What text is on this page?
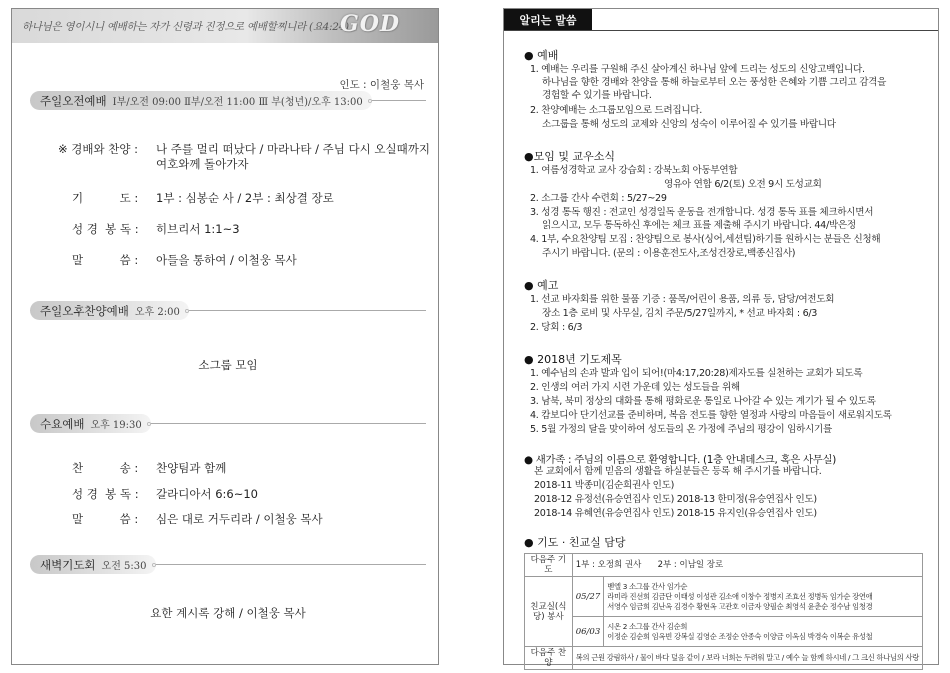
하나님은 영이시니 예배하는 자가 신령과 진정으로 예배할찌니라 (요4:24)
GOD
인도 : 이철웅 목사
주일오전예배 Ⅰ부/오전 09:00 Ⅱ부/오전 11:00 Ⅲ 부(청년)/오후 13:00
※ 경배와 찬양 : 나 주를 멀리 떠났다 / 마라나타 / 주님 다시 오실때까지
여호와께 돌아가자
기          도 : 1부 : 심봉순 사 / 2부 : 최상결 장로
성 경  봉 독 : 히브리서 1:1~3
말          씀 : 아들을 통하여 / 이철웅 목사
주일오후찬양예배 오후 2:00
소그룹 모임
수요예배 오후 19:30
찬          송 : 찬양팀과 함께
성 경  봉 독 : 갈라디아서 6:6~10
말          씀 : 심은 대로 거두리라 / 이철웅 목사
새벽기도회 오전 5:30
요한 계시록 강해 / 이철웅 목사
알리는 말씀
● 예배
1. 예배는 우리를 구원해 주신 살아계신 하나님 앞에 드리는 성도의 신앙고백입니다.
하나님을 향한 경배와 찬양을 통해 하늘로부터 오는 풍성한 은혜와 기쁨 그리고 감격을
경험할 수 있기를 바랍니다.
2. 찬양예배는 소그룹모임으로 드려집니다.
소그룹을 통해 성도의 교제와 신앙의 성숙이 이루어질 수 있기를 바랍니다
●모임 및 교우소식
1. 여름성경학교 교사 강습회 : 강북노회 아동부연합
영유아 연합 6/2(토) 오전 9시 도성교회
2. 소그룹 간사 수련회 : 5/27~29
3. 성경 통독 행진 : 전교인 성경일독 운동을 전개합니다. 성경 통독 표를 체크하시면서
읽으시고, 모두 통독하신 후에는 체크 표를 제출해 주시기 바랍니다. 44/박은정
4. 1부, 수요찬양팀 모집 : 찬양팀으로 봉사(싱어,세션팀)하기를 원하시는 분들은 신청해
주시기 바랍니다. (문의 : 이용훈전도사,조성건장로,백종신집사)
● 예고
1. 선교 바자회를 위한 물품 기증 : 품목/어린이 용품, 의류 등, 담당/여전도회
장소 1층 로비 및 사무실, 김치 주문/5/27일까지, * 선교 바자회 : 6/3
2. 당회 : 6/3
● 2018년 기도제목
1. 예수님의 손과 발과 입이 되어!(마4:17,20:28)제자도를 실천하는 교회가 되도록
2. 인생의 여러 가지 시련 가운데 있는 성도들을 위해
3. 남북, 북미 정상의 대화를 통해 평화로운 통일로 나아갈 수 있는 계기가 될 수 있도록
4. 캄보디아 단기선교를 준비하며, 복음 전도를 향한 열정과 사랑의 마음들이 새로워지도록
5. 5월 가정의 달을 맞이하여 성도들의 온 가정에 주님의 평강이 임하시기를
● 새가족 : 주님의 이름으로 환영합니다. (1층 안내데스크, 혹은 사무실)
본 교회에서 함께 믿음의 생활을 하실분들은 등록 해 주시기를 바랍니다.
2018-11 박종미(김순희권사 인도)
2018-12 유정선(유승연집사 인도) 2018-13 한미정(유승연집사 인도)
2018-14 유혜연(유승연집사 인도) 2018-15 유지인(유승연집사 인도)
● 기도 · 친교실 담당
다음주 기도	1부 : 오정희 권사      2부 : 이남일 장로	
친교실(식당) 봉사	05/27	벧엘 3 소그룹 간사 임가순
라미라 진선희 김금단 이태성 이성관 김소애 이창수 정병지 조효선 정병독 임가순 장연애
서영수 임금희 김난옥 김경수 황현옥 고관호 이금자 양필순 최영석 윤춘순 정수남 임청경

	06/03	시온 2 소그룹 간사 김순희
이정순 김순희 임옥빈 강복실 김영순 조정순 안종숙 이양금 이옥심 박경숙 이복순 유성철

다음주 찬양	복의 근원 강림하사 / 물이 바다 덮음 같이 / 보라 너희는 두려워 말고 / 예수 늘 함께 하시네 / 그 크신 하나님의 사랑	
